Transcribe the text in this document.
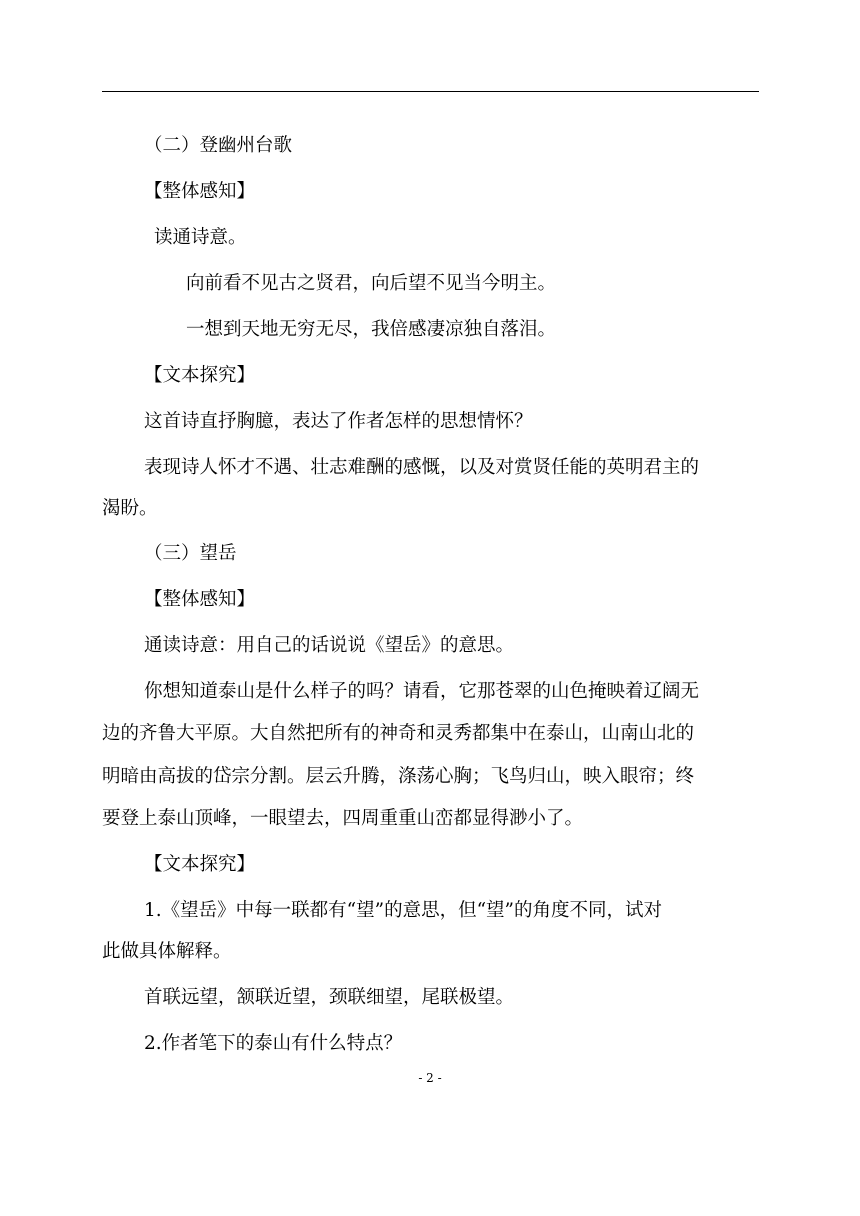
（二）登幽州台歌
【整体感知】
读通诗意。
向前看不见古之贤君，向后望不见当今明主。
一想到天地无穷无尽，我倍感凄凉独自落泪。
【文本探究】
这首诗直抒胸臆，表达了作者怎样的思想情怀？
表现诗人怀才不遇、壮志难酬的感慨，以及对赏贤任能的英明君主的
渴盼。
（三）望岳
【整体感知】
通读诗意：用自己的话说说《望岳》的意思。
你想知道泰山是什么样子的吗？请看，它那苍翠的山色掩映着辽阔无
边的齐鲁大平原。大自然把所有的神奇和灵秀都集中在泰山，山南山北的
明暗由高拔的岱宗分割。层云升腾，涤荡心胸；飞鸟归山，映入眼帘；终
要登上泰山顶峰，一眼望去，四周重重山峦都显得渺小了。
【文本探究】
1.《望岳》中每一联都有“望”的意思，但“望”的角度不同，试对
此做具体解释。
首联远望，颔联近望，颈联细望，尾联极望。
2.作者笔下的泰山有什么特点？
- 2 -
